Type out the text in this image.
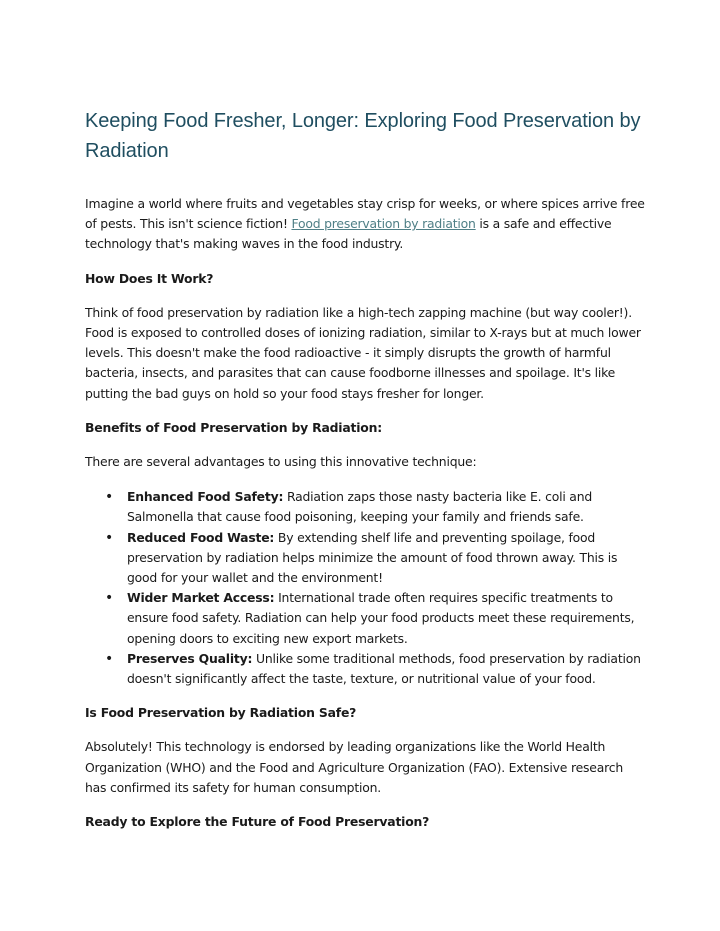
Keeping Food Fresher, Longer: Exploring Food Preservation by Radiation

Imagine a world where fruits and vegetables stay crisp for weeks, or where spices arrive free of pests. This isn't science fiction! Food preservation by radiation is a safe and effective technology that's making waves in the food industry.

How Does It Work?

Think of food preservation by radiation like a high-tech zapping machine (but way cooler!). Food is exposed to controlled doses of ionizing radiation, similar to X-rays but at much lower levels. This doesn't make the food radioactive - it simply disrupts the growth of harmful bacteria, insects, and parasites that can cause foodborne illnesses and spoilage. It's like putting the bad guys on hold so your food stays fresher for longer.

Benefits of Food Preservation by Radiation:

There are several advantages to using this innovative technique:

• Enhanced Food Safety: Radiation zaps those nasty bacteria like E. coli and Salmonella that cause food poisoning, keeping your family and friends safe.
• Reduced Food Waste: By extending shelf life and preventing spoilage, food preservation by radiation helps minimize the amount of food thrown away. This is good for your wallet and the environment!
• Wider Market Access: International trade often requires specific treatments to ensure food safety. Radiation can help your food products meet these requirements, opening doors to exciting new export markets.
• Preserves Quality: Unlike some traditional methods, food preservation by radiation doesn't significantly affect the taste, texture, or nutritional value of your food.

Is Food Preservation by Radiation Safe?

Absolutely! This technology is endorsed by leading organizations like the World Health Organization (WHO) and the Food and Agriculture Organization (FAO). Extensive research has confirmed its safety for human consumption.

Ready to Explore the Future of Food Preservation?
